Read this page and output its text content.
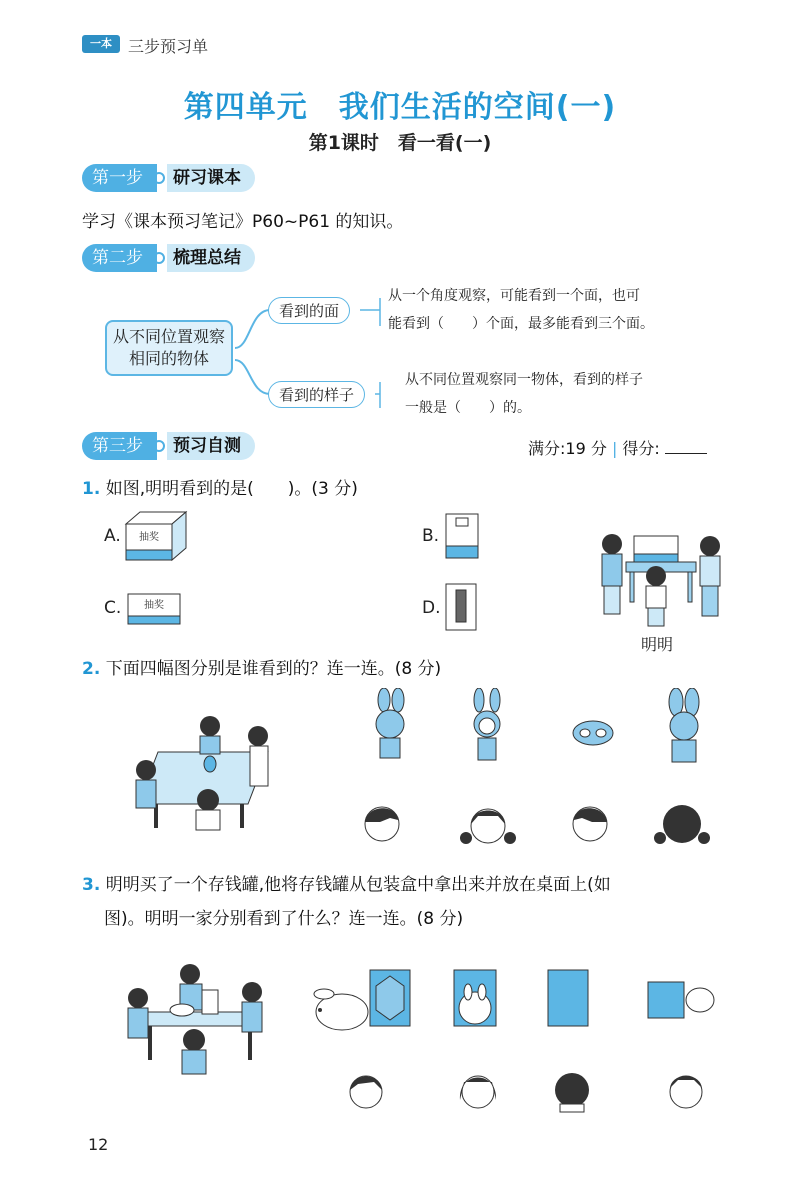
一本	三步预习单
第四单元　我们生活的空间(一)
第1课时　看一看(一)
第一步	研习课本
学习《课本预习笔记》P60~P61 的知识。
第二步	梳理总结
从不同位置观察相同的物体
看到的面
看到的样子
从一个角度观察，可能看到一个面，也可
能看到（　　）个面，最多能看到三个面。
从不同位置观察同一物体，看到的样子
一般是（　　）的。
第三步	预习自测	满分:19 分 | 得分:
1. 如图,明明看到的是(　　)。(3 分)
A. 抽奖	B.
C. 抽奖	D.
明明
2. 下面四幅图分别是谁看到的？连一连。(8 分)
3. 明明买了一个存钱罐,他将存钱罐从包装盒中拿出来并放在桌面上(如
图)。明明一家分别看到了什么？连一连。(8 分)
12
